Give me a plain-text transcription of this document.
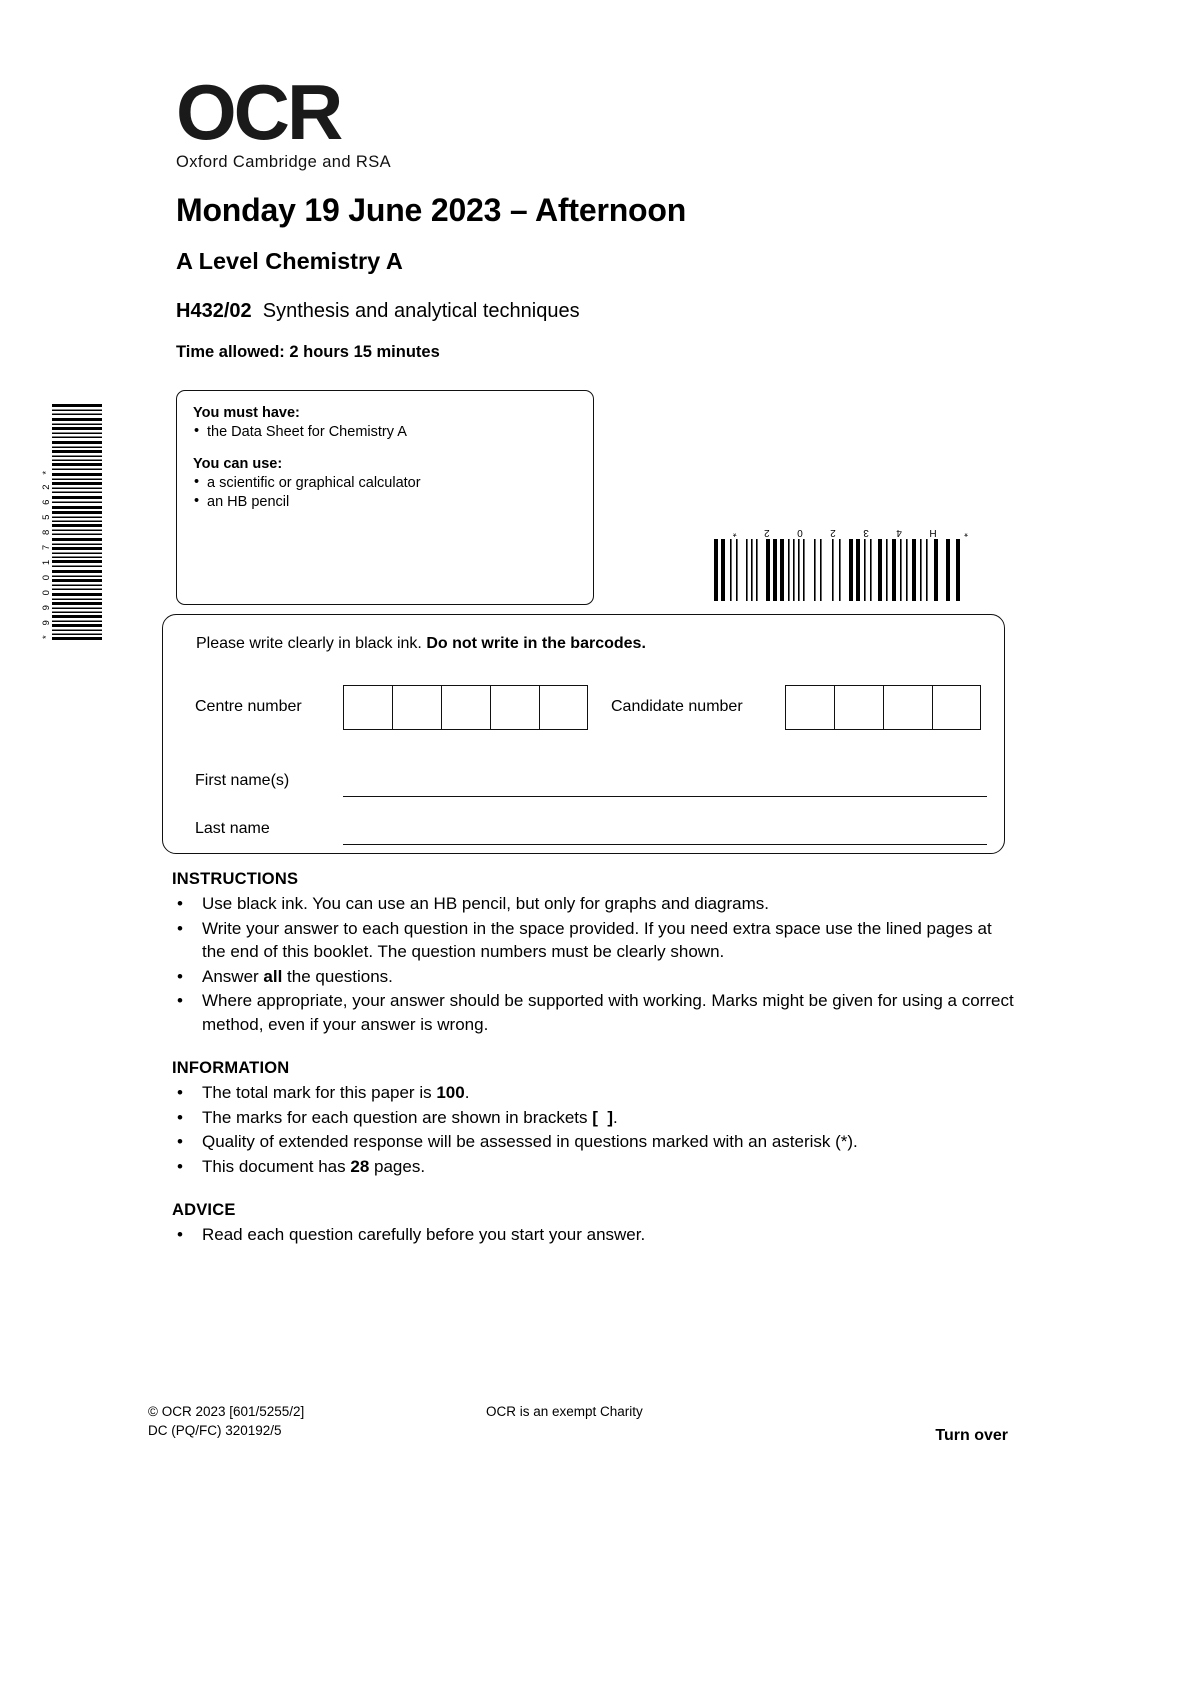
*9900178562*
OCR
Oxford Cambridge and RSA
Monday 19 June 2023 – Afternoon
A Level Chemistry A
H432/02 Synthesis and analytical techniques
Time allowed: 2 hours 15 minutes
You must have:
• the Data Sheet for Chemistry A
You can use:
• a scientific or graphical calculator
• an HB pencil
*H43202*
Please write clearly in black ink. Do not write in the barcodes.
Centre number	Candidate number
First name(s)
Last name
INSTRUCTIONS
• Use black ink. You can use an HB pencil, but only for graphs and diagrams.
• Write your answer to each question in the space provided. If you need extra space use the lined pages at the end of this booklet. The question numbers must be clearly shown.
• Answer all the questions.
• Where appropriate, your answer should be supported with working. Marks might be given for using a correct method, even if your answer is wrong.
INFORMATION
• The total mark for this paper is 100.
• The marks for each question are shown in brackets [  ].
• Quality of extended response will be assessed in questions marked with an asterisk (*).
• This document has 28 pages.
ADVICE
• Read each question carefully before you start your answer.
© OCR 2023 [601/5255/2]
DC (PQ/FC) 320192/5
OCR is an exempt Charity
Turn over
